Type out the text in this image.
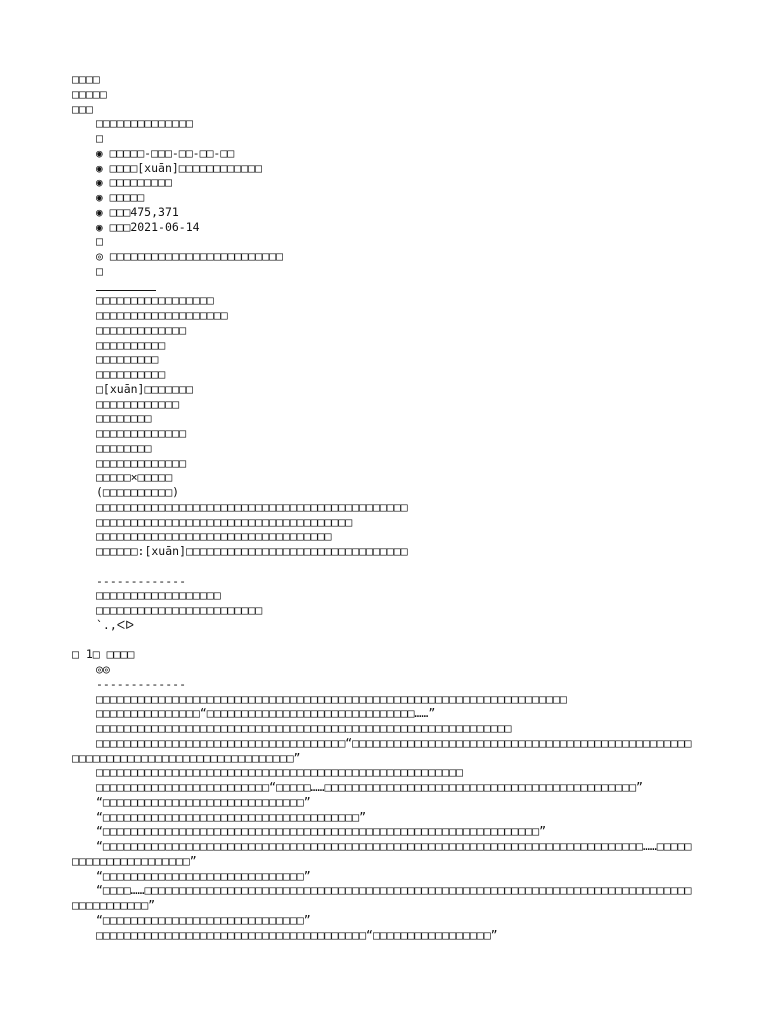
□□□□
□□□□□
□□□
□□□□□□□□□□□□□□
□
◉ □□□□□-□□□-□□-□□-□□
◉ □□□□[xuān]□□□□□□□□□□□□
◉ □□□□□□□□□
◉ □□□□□
◉ □□□475,371
◉ □□□2021-06-14
□
◎ □□□□□□□□□□□□□□□□□□□□□□□□□
□
□□□□□□□□□□□□□□□□□
□□□□□□□□□□□□□□□□□□□
□□□□□□□□□□□□□
□□□□□□□□□□
□□□□□□□□□
□□□□□□□□□□
□[xuān]□□□□□□□
□□□□□□□□□□□□
□□□□□□□□
□□□□□□□□□□□□□
□□□□□□□□
□□□□□□□□□□□□□
□□□□□×□□□□□
(□□□□□□□□□□)
□□□□□□□□□□□□□□□□□□□□□□□□□□□□□□□□□□□□□□□□□□□□□
□□□□□□□□□□□□□□□□□□□□□□□□□□□□□□□□□□□□□
□□□□□□□□□□□□□□□□□□□□□□□□□□□□□□□□□□
□□□□□□:[xuān]□□□□□□□□□□□□□□□□□□□□□□□□□□□□□□□□
-------------
□□□□□□□□□□□□□□□□□□
□□□□□□□□□□□□□□□□□□□□□□□□
`.,ᐸᐅ
□ 1□ □□□□
◎◎
-------------
□□□□□□□□□□□□□□□□□□□□□□□□□□□□□□□□□□□□□□□□□□□□□□□□□□□□□□□□□□□□□□□□□□□□
□□□□□□□□□□□□□□□“□□□□□□□□□□□□□□□□□□□□□□□□□□□□□□……”
□□□□□□□□□□□□□□□□□□□□□□□□□□□□□□□□□□□□□□□□□□□□□□□□□□□□□□□□□□□□
□□□□□□□□□□□□□□□□□□□□□□□□□□□□□□□□□□□□“□□□□□□□□□□□□□□□□□□□□□□□□□□□□□□□□□□□□□□□□□□□□□□□□□□□□□□□□□□□□□□□□□□□□□□□□□□□□□□□□□”
□□□□□□□□□□□□□□□□□□□□□□□□□□□□□□□□□□□□□□□□□□□□□□□□□□□□□
□□□□□□□□□□□□□□□□□□□□□□□□□“□□□□□……□□□□□□□□□□□□□□□□□□□□□□□□□□□□□□□□□□□□□□□□□□□□□”
“□□□□□□□□□□□□□□□□□□□□□□□□□□□□□”
“□□□□□□□□□□□□□□□□□□□□□□□□□□□□□□□□□□□□□”
“□□□□□□□□□□□□□□□□□□□□□□□□□□□□□□□□□□□□□□□□□□□□□□□□□□□□□□□□□□□□□□□”
“□□□□□□□□□□□□□□□□□□□□□□□□□□□□□□□□□□□□□□□□□□□□□□□□□□□□□□□□□□□□□□□□□□□□□□□□□□□□□□……□□□□□□□□□□□□□□□□□□□□□□”
“□□□□□□□□□□□□□□□□□□□□□□□□□□□□□”
“□□□□……□□□□□□□□□□□□□□□□□□□□□□□□□□□□□□□□□□□□□□□□□□□□□□□□□□□□□□□□□□□□□□□□□□□□□□□□□□□□□□□□□□□□□□□□□□”
“□□□□□□□□□□□□□□□□□□□□□□□□□□□□□”
□□□□□□□□□□□□□□□□□□□□□□□□□□□□□□□□□□□□□□□“□□□□□□□□□□□□□□□□□”
